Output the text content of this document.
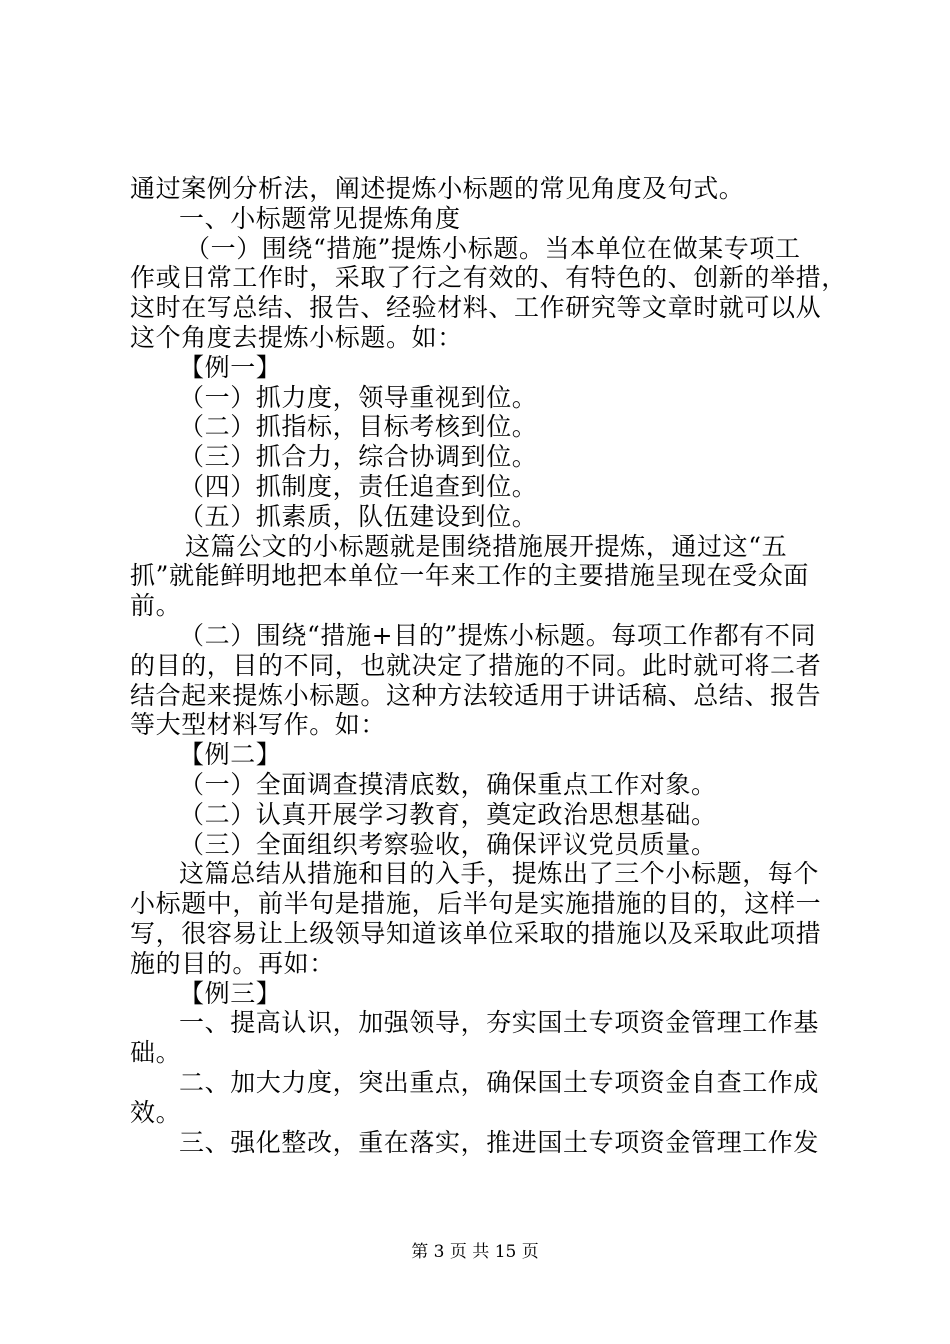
通过案例分析法，阐述提炼小标题的常见角度及句式。
一、小标题常见提炼角度
（一）围绕“措施”提炼小标题。当本单位在做某专项工
作或日常工作时，采取了行之有效的、有特色的、创新的举措，
这时在写总结、报告、经验材料、工作研究等文章时就可以从
这个角度去提炼小标题。如：
【例一】
（一）抓力度，领导重视到位。
（二）抓指标，目标考核到位。
（三）抓合力，综合协调到位。
（四）抓制度，责任追查到位。
（五）抓素质，队伍建设到位。
这篇公文的小标题就是围绕措施展开提炼，通过这“五
抓”就能鲜明地把本单位一年来工作的主要措施呈现在受众面
前。
（二）围绕“措施+目的”提炼小标题。每项工作都有不同
的目的，目的不同，也就决定了措施的不同。此时就可将二者
结合起来提炼小标题。这种方法较适用于讲话稿、总结、报告
等大型材料写作。如：
【例二】
（一）全面调查摸清底数，确保重点工作对象。
（二）认真开展学习教育，奠定政治思想基础。
（三）全面组织考察验收，确保评议党员质量。
这篇总结从措施和目的入手，提炼出了三个小标题，每个
小标题中，前半句是措施，后半句是实施措施的目的，这样一
写，很容易让上级领导知道该单位采取的措施以及采取此项措
施的目的。再如：
【例三】
一、提高认识，加强领导，夯实国土专项资金管理工作基
础。
二、加大力度，突出重点，确保国土专项资金自查工作成
效。
三、强化整改，重在落实，推进国土专项资金管理工作发
第 3 页 共 15 页
